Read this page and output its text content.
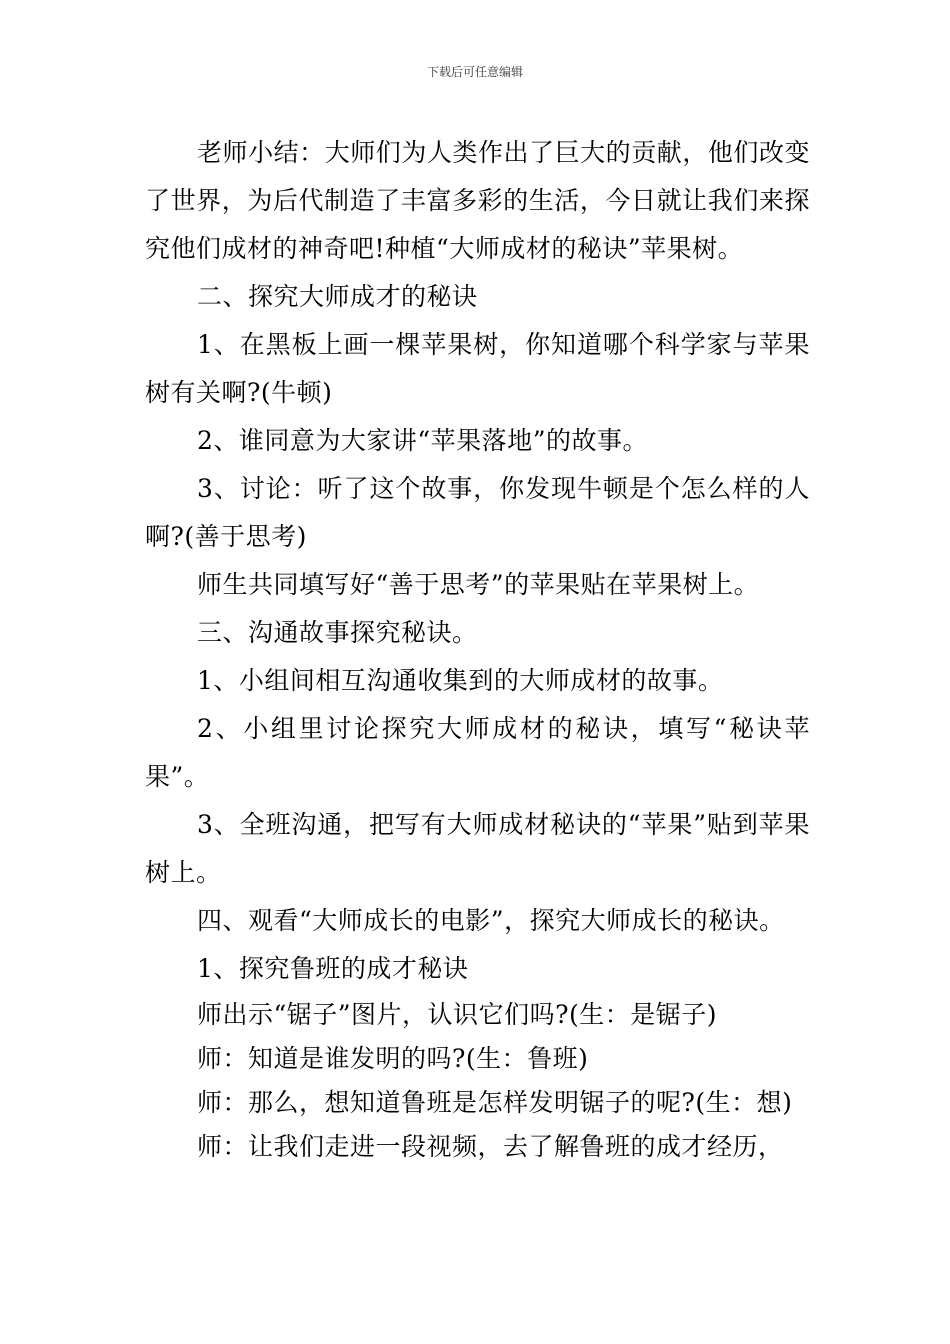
下载后可任意编辑

老师小结：大师们为人类作出了巨大的贡献，他们改变了世界，为后代制造了丰富多彩的生活，今日就让我们来探究他们成材的神奇吧!种植“大师成材的秘诀”苹果树。

二、探究大师成才的秘诀

1、在黑板上画一棵苹果树，你知道哪个科学家与苹果树有关啊?(牛顿)

2、谁同意为大家讲“苹果落地”的故事。

3、讨论：听了这个故事，你发现牛顿是个怎么样的人啊?(善于思考)

师生共同填写好“善于思考”的苹果贴在苹果树上。

三、沟通故事探究秘诀。

1、小组间相互沟通收集到的大师成材的故事。

2、小组里讨论探究大师成材的秘诀，填写“秘诀苹果”。

3、全班沟通，把写有大师成材秘诀的“苹果”贴到苹果树上。

四、观看“大师成长的电影”，探究大师成长的秘诀。

1、探究鲁班的成才秘诀

师出示“锯子”图片，认识它们吗?(生：是锯子)

师：知道是谁发明的吗?(生：鲁班)

师：那么，想知道鲁班是怎样发明锯子的呢?(生：想)

师：让我们走进一段视频，去了解鲁班的成才经历，
